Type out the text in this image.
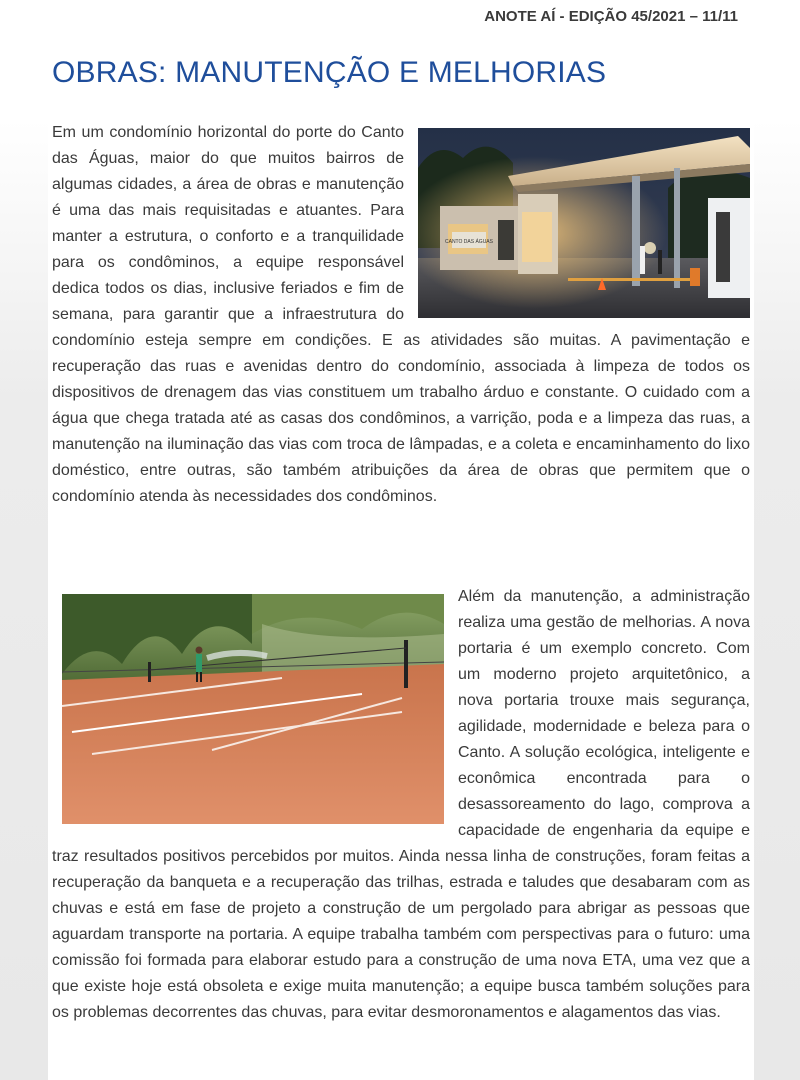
ANOTE AÍ - EDIÇÃO 45/2021 – 11/11
OBRAS: MANUTENÇÃO E MELHORIAS
CANTO DAS ÁGUAS

Em um condomínio horizontal do porte do Canto das Águas, maior do que muitos bairros de algumas cidades, a área de obras e manutenção é uma das mais requisitadas e atuantes. Para manter a estrutura, o conforto e a tranquilidade para os condôminos, a equipe responsável dedica todos os dias, inclusive feriados e fim de semana, para garantir que a infraestrutura do condomínio esteja sempre em condições. E as atividades são muitas. A pavimentação e recuperação das ruas e avenidas dentro do condomínio, associada à limpeza de todos os dispositivos de drenagem das vias constituem um trabalho árduo e constante. O cuidado com a água que chega tratada até as casas dos condôminos, a varrição, poda e a limpeza das ruas, a manutenção na iluminação das vias com troca de lâmpadas, e a coleta e encaminhamento do lixo doméstico, entre outras, são também atribuições da área de obras que permitem que o condomínio atenda às necessidades dos condôminos.

Além da manutenção, a administração realiza uma gestão de melhorias. A nova portaria é um exemplo concreto. Com um moderno projeto arquitetônico, a nova portaria trouxe mais segurança, agilidade, modernidade e beleza para o Canto. A solução ecológica, inteligente e econômica encontrada para o desassoreamento do lago, comprova a capacidade de engenharia da equipe e traz resultados positivos percebidos por muitos. Ainda nessa linha de construções, foram feitas a recuperação da banqueta e a recuperação das trilhas, estrada e taludes que desabaram com as chuvas e está em fase de projeto a construção de um pergolado para abrigar as pessoas que aguardam transporte na portaria. A equipe trabalha também com perspectivas para o futuro: uma comissão foi formada para elaborar estudo para a construção de uma nova ETA, uma vez que a que existe hoje está obsoleta e exige muita manutenção; a equipe busca também soluções para os problemas decorrentes das chuvas, para evitar desmoronamentos e alagamentos das vias.
